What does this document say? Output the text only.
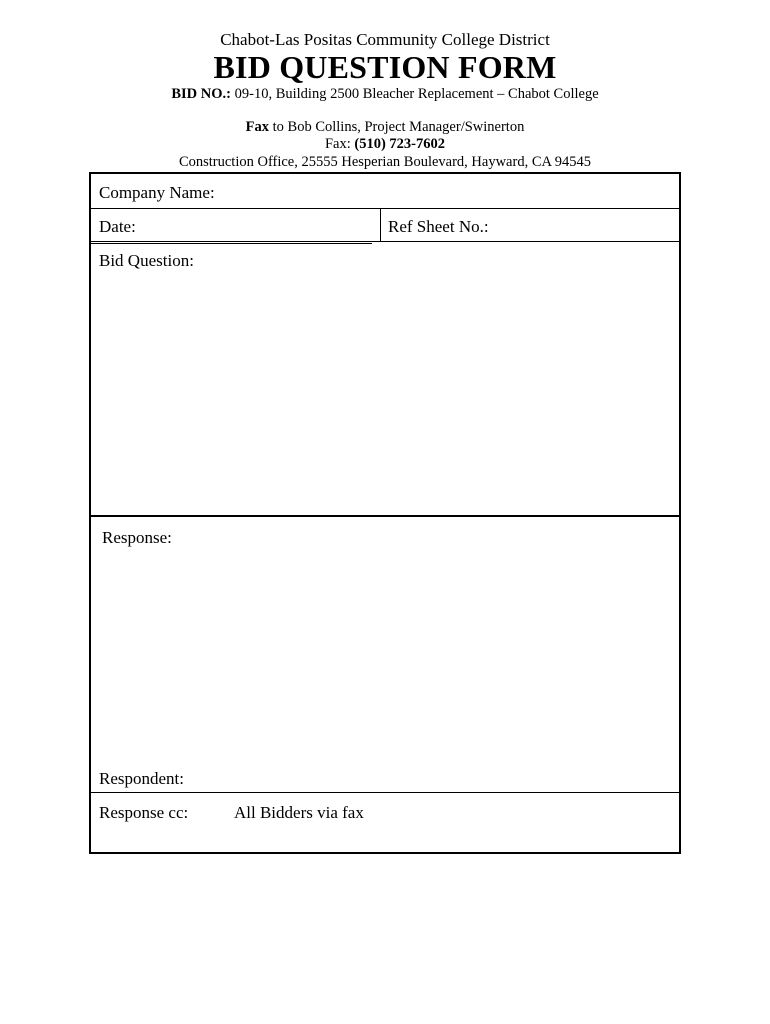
Chabot-Las Positas Community College District
BID QUESTION FORM
BID NO.: 09-10, Building 2500 Bleacher Replacement – Chabot College
Fax to Bob Collins, Project Manager/Swinerton
Fax: (510) 723-7602
Construction Office, 25555 Hesperian Boulevard, Hayward, CA 94545
Company Name:
Date:	Ref Sheet No.:
Bid Question:
Response:
Respondent:
Response cc:	All Bidders via fax
